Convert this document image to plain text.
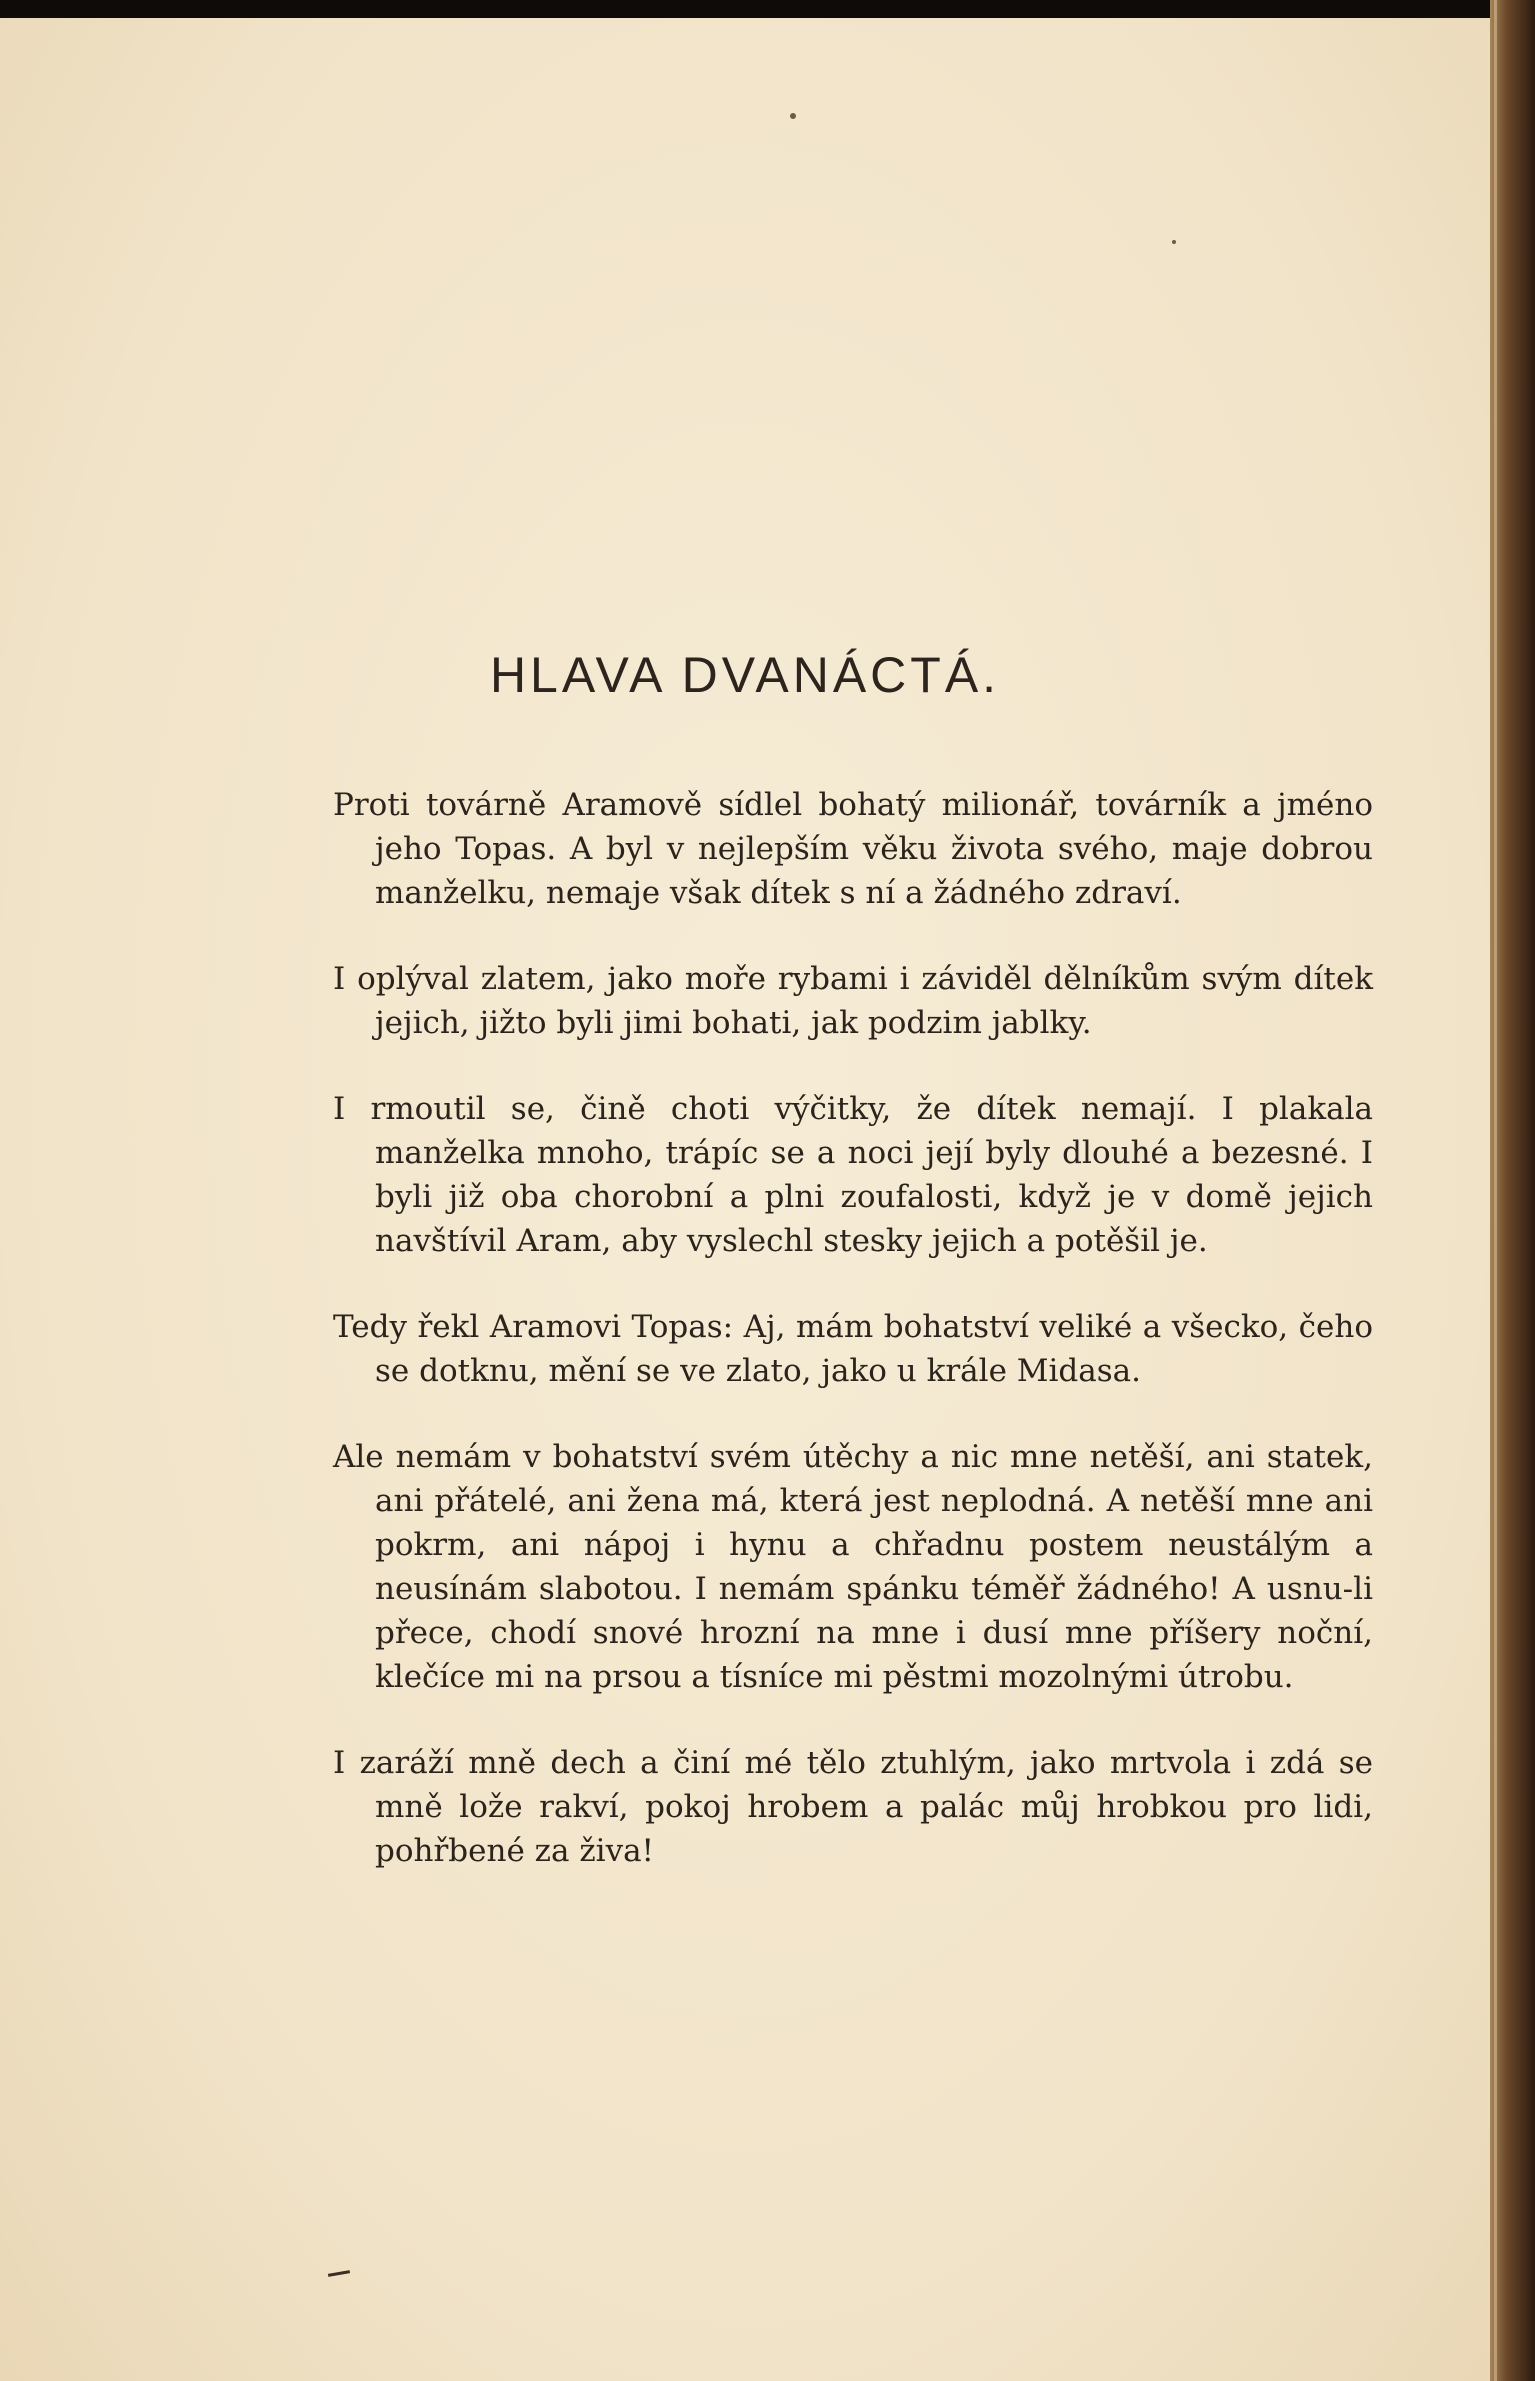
HLAVA DVANÁCTÁ.

Proti továrně Aramově sídlel bohatý milionář, továrník a jméno jeho Topas. A byl v nejlepším věku života svého, maje dobrou manželku, nemaje však dítek s ní a žádného zdraví.

I oplýval zlatem, jako moře rybami i záviděl dělníkům svým dítek jejich, jižto byli jimi bohati, jak podzim jablky.

I rmoutil se, čině choti výčitky, že dítek nemají. I plakala manželka mnoho, trápíc se a noci její byly dlouhé a bezesné. I byli již oba chorobní a plni zoufalosti, když je v domě jejich navštívil Aram, aby vyslechl stesky jejich a potěšil je.

Tedy řekl Aramovi Topas: Aj, mám bohatství veliké a všecko, čeho se dotknu, mění se ve zlato, jako u krále Midasa.

Ale nemám v bohatství svém útěchy a nic mne netěší, ani statek, ani přátelé, ani žena má, která jest neplodná. A netěší mne ani pokrm, ani nápoj i hynu a chřadnu postem neustálým a neusínám slabotou. I nemám spánku téměř žádného! A usnu-li přece, chodí snové hrozní na mne i dusí mne příšery noční, klečíce mi na prsou a tísníce mi pěstmi mozolnými útrobu.

I zaráží mně dech a činí mé tělo ztuhlým, jako mrtvola i zdá se mně lože rakví, pokoj hrobem a palác můj hrobkou pro lidi, pohřbené za živa!
